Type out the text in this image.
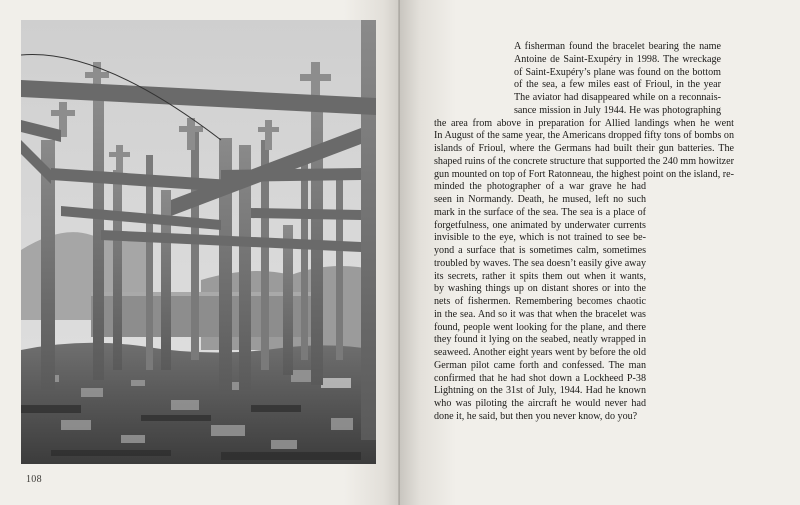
108
A fisherman found the bracelet bearing the name
Antoine de Saint-Exupéry in 1998. The wreckage
of Saint-Exupéry’s plane was found on the bottom
of the sea, a few miles east of Frioul, in the year
The aviator had disappeared while on a reconnais-
sance mission in July 1944. He was photographing
the area from above in preparation for Allied landings when he went
In August of the same year, the Americans dropped fifty tons of bombs on
islands of Frioul, where the Germans had built their gun batteries. The
shaped ruins of the concrete structure that supported the 240 mm howitzer
gun mounted on top of Fort Ratonneau, the highest point on the island, re-
minded the photographer of a war grave he had
seen in Normandy. Death, he mused, left no such
mark in the surface of the sea. The sea is a place of
forgetfulness, one animated by underwater currents
invisible to the eye, which is not trained to see be-
yond a surface that is sometimes calm, sometimes
troubled by waves. The sea doesn’t easily give away
its secrets, rather it spits them out when it wants,
by washing things up on distant shores or into the
nets of fishermen. Remembering becomes chaotic
in the sea. And so it was that when the bracelet was
found, people went looking for the plane, and there
they found it lying on the seabed, neatly wrapped in
seaweed. Another eight years went by before the old
German pilot came forth and confessed. The man
confirmed that he had shot down a Lockheed P-38
Lightning on the 31st of July, 1944. Had he known
who was piloting the aircraft he would never had
done it, he said, but then you never know, do you?
